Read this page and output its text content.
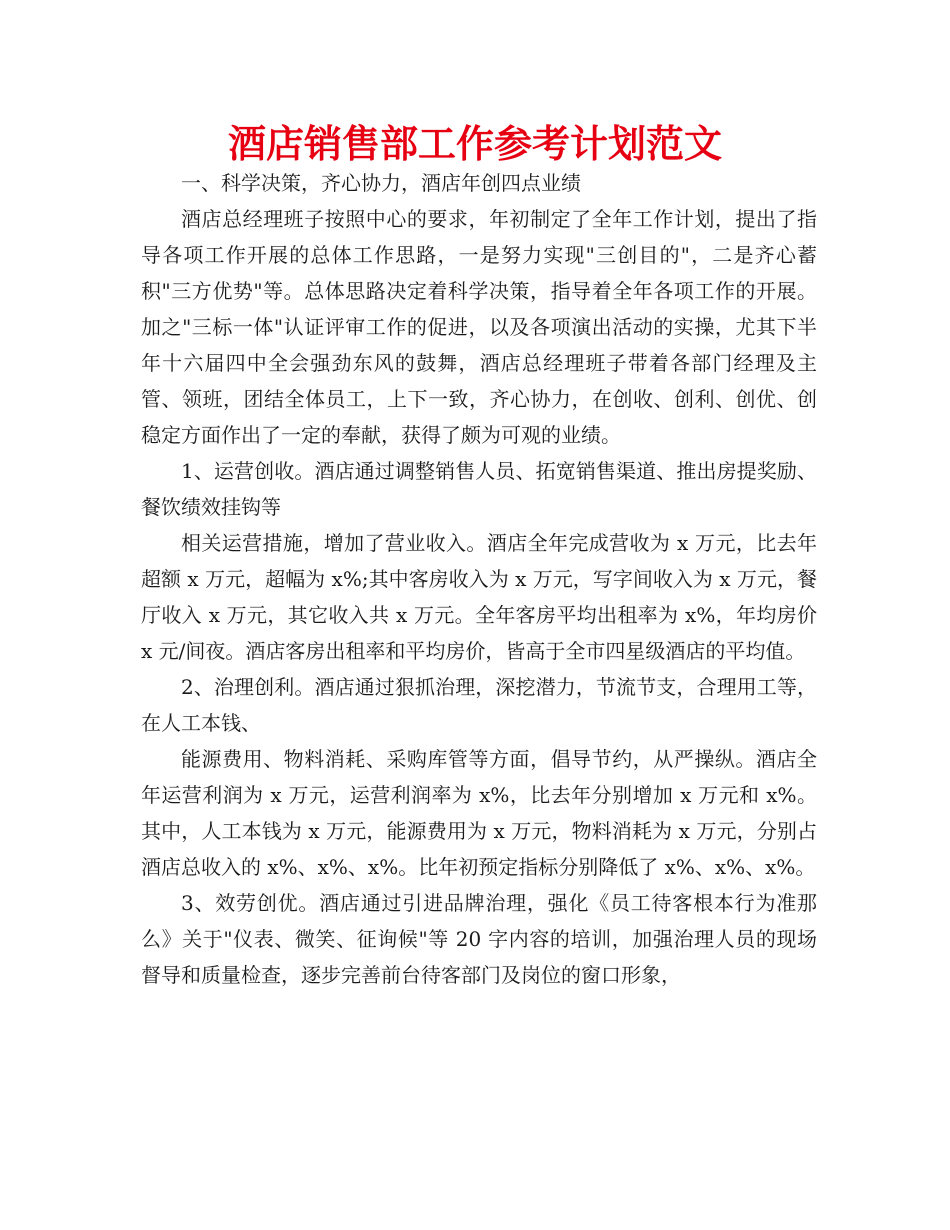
酒店销售部工作参考计划范文

一、科学决策，齐心协力，酒店年创四点业绩

酒店总经理班子按照中心的要求，年初制定了全年工作计划，提出了指导各项工作开展的总体工作思路，一是努力实现"三创目的"，二是齐心蓄积"三方优势"等。总体思路决定着科学决策，指导着全年各项工作的开展。加之"三标一体"认证评审工作的促进，以及各项演出活动的实操，尤其下半年十六届四中全会强劲东风的鼓舞，酒店总经理班子带着各部门经理及主管、领班，团结全体员工，上下一致，齐心协力，在创收、创利、创优、创稳定方面作出了一定的奉献，获得了颇为可观的业绩。

1、运营创收。酒店通过调整销售人员、拓宽销售渠道、推出房提奖励、餐饮绩效挂钩等

相关运营措施，增加了营业收入。酒店全年完成营收为 x 万元，比去年超额 x 万元，超幅为 x%;其中客房收入为 x 万元，写字间收入为 x 万元，餐厅收入 x 万元，其它收入共 x 万元。全年客房平均出租率为 x%，年均房价 x 元/间夜。酒店客房出租率和平均房价，皆高于全市四星级酒店的平均值。

2、治理创利。酒店通过狠抓治理，深挖潜力，节流节支，合理用工等，在人工本钱、

能源费用、物料消耗、采购库管等方面，倡导节约，从严操纵。酒店全年运营利润为 x 万元，运营利润率为 x%，比去年分别增加 x 万元和 x%。其中，人工本钱为 x 万元，能源费用为 x 万元，物料消耗为 x 万元，分别占酒店总收入的 x%、x%、x%。比年初预定指标分别降低了 x%、x%、x%。

3、效劳创优。酒店通过引进品牌治理，强化《员工待客根本行为准那么》关于"仪表、微笑、征询候"等 20 字内容的培训，加强治理人员的现场督导和质量检查，逐步完善前台待客部门及岗位的窗口形象，
